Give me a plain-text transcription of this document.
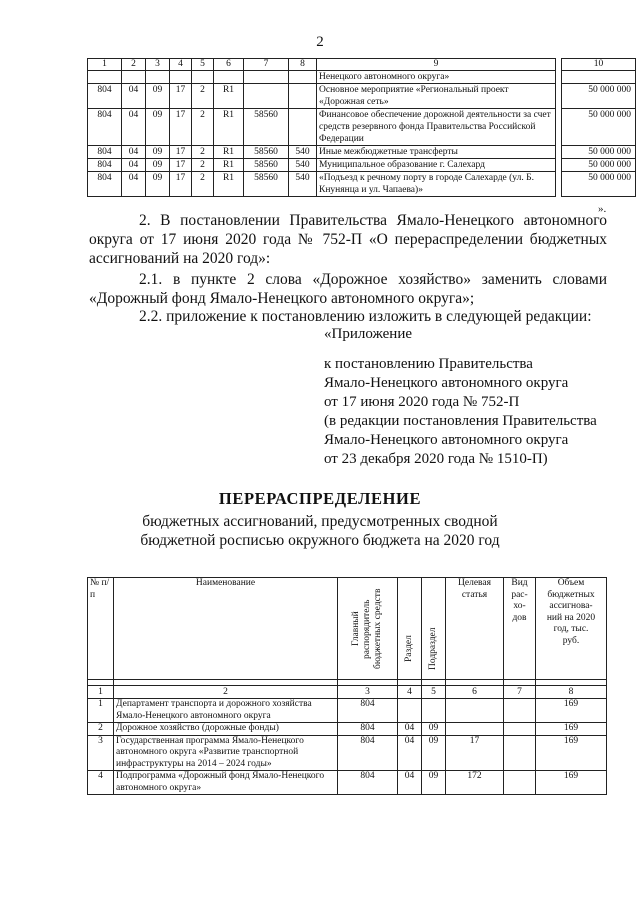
2
1	2	3	4	5	6	7	8	9		10
								Ненецкого автономного округа»		
804	04	09	17	2	R1			Основное мероприятие «Региональный проект «Дорожная сеть»		50 000 000
804	04	09	17	2	R1	58560		Финансовое обеспечение дорожной деятельности за счет средств резервного фонда Правительства Российской Федерации		50 000 000
804	04	09	17	2	R1	58560	540	Иные межбюджетные трансферты		50 000 000
804	04	09	17	2	R1	58560	540	Муниципальное образование г. Салехард		50 000 000
804	04	09	17	2	R1	58560	540	«Подъезд к речному порту в городе Салехарде (ул. Б. Кнунянца и ул. Чапаева)»		50 000 000
».
2. В постановлении Правительства Ямало-Ненецкого автономного округа от 17 июня 2020 года № 752-П «О перераспределении бюджетных ассигнований на 2020 год»:
2.1. в пункте 2 слова «Дорожное хозяйство» заменить словами «Дорожный фонд Ямало-Ненецкого автономного округа»;
2.2. приложение к постановлению изложить в следующей редакции:
«Приложение
к постановлению Правительства
Ямало-Ненецкого автономного округа
от 17 июня 2020 года № 752-П
(в редакции постановления Правительства
Ямало-Ненецкого автономного округа
от 23 декабря 2020 года № 1510-П)
ПЕРЕРАСПРЕДЕЛЕНИЕ
бюджетных ассигнований, предусмотренных сводной бюджетной росписью окружного бюджета на 2020 год
№ п/п	Наименование	Главный распорядитель бюджетных средств	Раздел	Подраздел	Целевая статья	Вид рас-хо-дов	Объем бюджетных ассигнова-ний на 2020 год, тыс. руб.

1	2	3	4	5	6	7	8
1	Департамент транспорта и дорожного хозяйства Ямало-Ненецкого автономного округа	804					169
2	Дорожное хозяйство (дорожные фонды)	804	04	09			169
3	Государственная программа Ямало-Ненецкого автономного округа «Развитие транспортной инфраструктуры на 2014 – 2024 годы»	804	04	09	17		169
4	Подпрограмма «Дорожный фонд Ямало-Ненецкого автономного округа»	804	04	09	172		169
